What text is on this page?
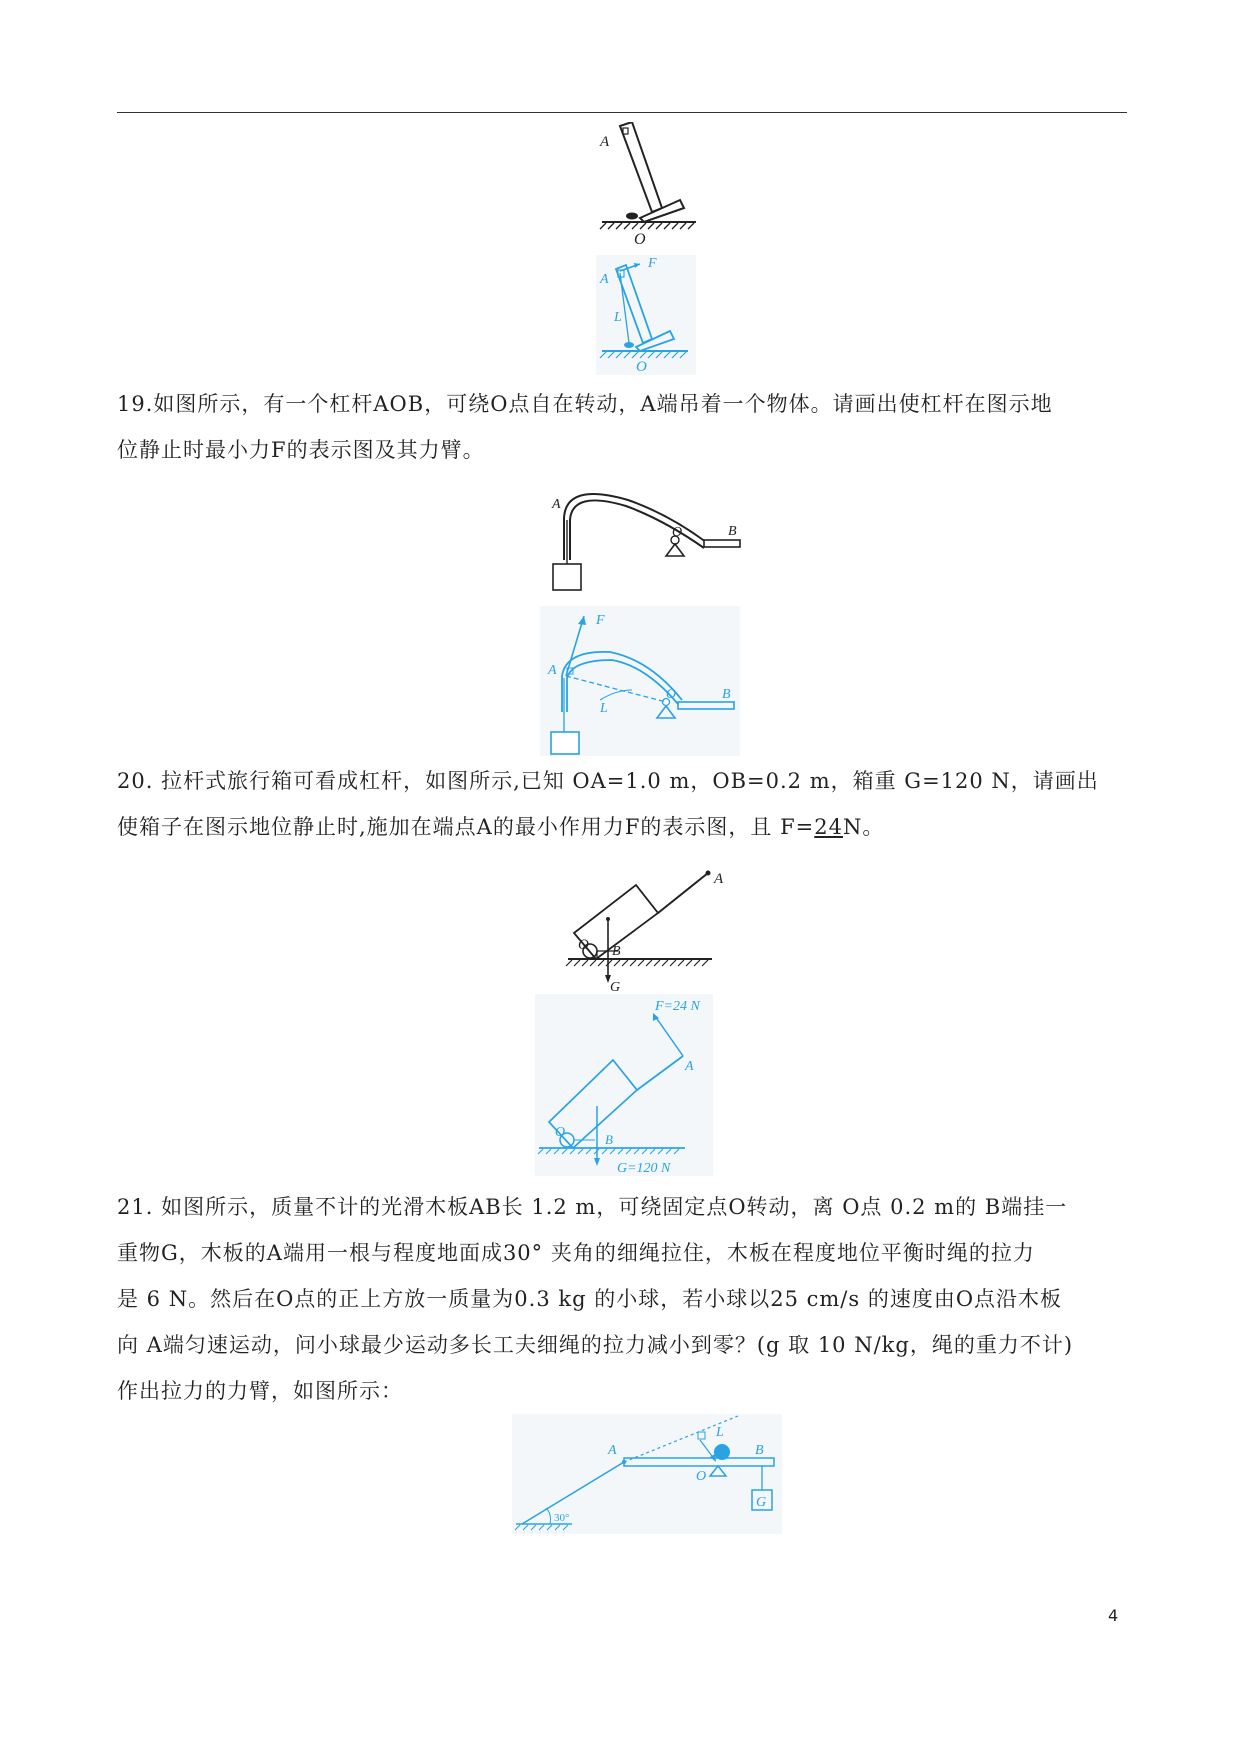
A
O
F
A
L
O

19.如图所示，有一个杠杆AOB，可绕O点自在转动，A端吊着一个物体。请画出使杠杆在图示地
位静止时最小力F的表示图及其力臂。

A
O	B
F
A
L
O	B

20. 拉杆式旅行箱可看成杠杆，如图所示,已知 OA=1.0 m，OB=0.2 m，箱重 G=120 N，请画出
使箱子在图示地位静止时,施加在端点A的最小作用力F的表示图，且 F=24N。

A
O B
G
F=24 N
A
O	B
G=120 N

21. 如图所示，质量不计的光滑木板AB长 1.2 m，可绕固定点O转动，离 O点 0.2 m的 B端挂一
重物G，木板的A端用一根与程度地面成30° 夹角的细绳拉住，木板在程度地位平衡时绳的拉力
是 6 N。然后在O点的正上方放一质量为0.3 kg 的小球，若小球以25 cm/s 的速度由O点沿木板
向 A端匀速运动，问小球最少运动多长工夫细绳的拉力减小到零？(g 取 10 N/kg，绳的重力不计)
作出拉力的力臂，如图所示：

30°
A	B
L
O
G
4
